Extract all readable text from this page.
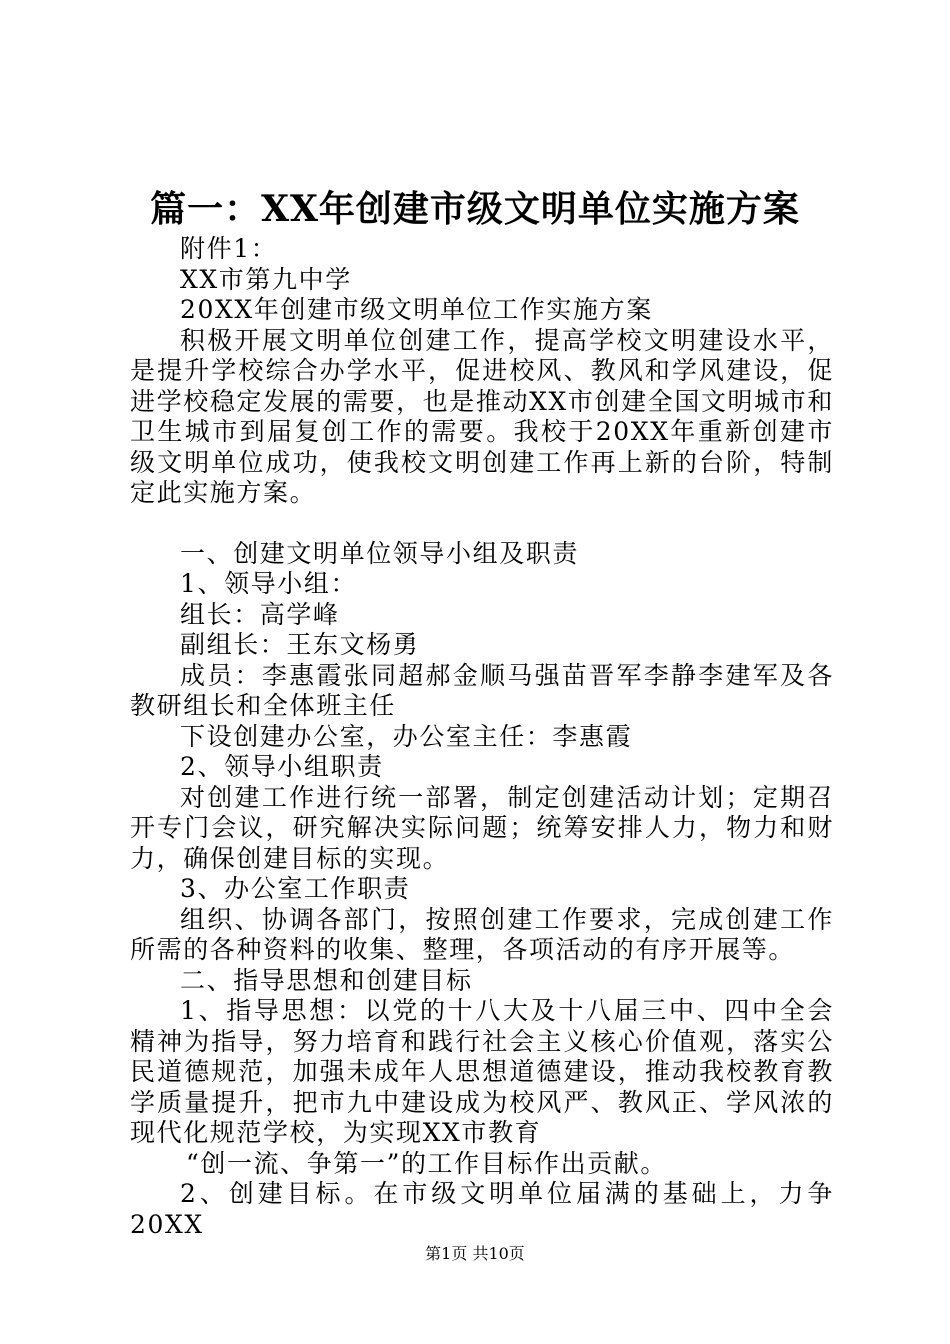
篇一：XX年创建市级文明单位实施方案

附件1：

XX市第九中学

20XX年创建市级文明单位工作实施方案

积极开展文明单位创建工作，提高学校文明建设水平，是提升学校综合办学水平，促进校风、教风和学风建设，促进学校稳定发展的需要，也是推动XX市创建全国文明城市和卫生城市到届复创工作的需要。我校于20XX年重新创建市级文明单位成功，使我校文明创建工作再上新的台阶，特制定此实施方案。

一、创建文明单位领导小组及职责

1、领导小组：

组长：高学峰

副组长：王东文杨勇

成员：李惠霞张同超郝金顺马强苗晋军李静李建军及各教研组长和全体班主任

下设创建办公室，办公室主任：李惠霞

2、领导小组职责

对创建工作进行统一部署，制定创建活动计划；定期召开专门会议，研究解决实际问题；统筹安排人力，物力和财力，确保创建目标的实现。

3、办公室工作职责

组织、协调各部门，按照创建工作要求，完成创建工作所需的各种资料的收集、整理，各项活动的有序开展等。

二、指导思想和创建目标

1、指导思想：以党的十八大及十八届三中、四中全会精神为指导，努力培育和践行社会主义核心价值观，落实公民道德规范，加强未成年人思想道德建设，推动我校教育教学质量提升，把市九中建设成为校风严、教风正、学风浓的现代化规范学校，为实现XX市教育

“创一流、争第一”的工作目标作出贡献。

2、创建目标。在市级文明单位届满的基础上，力争20XX

第1页 共10页
